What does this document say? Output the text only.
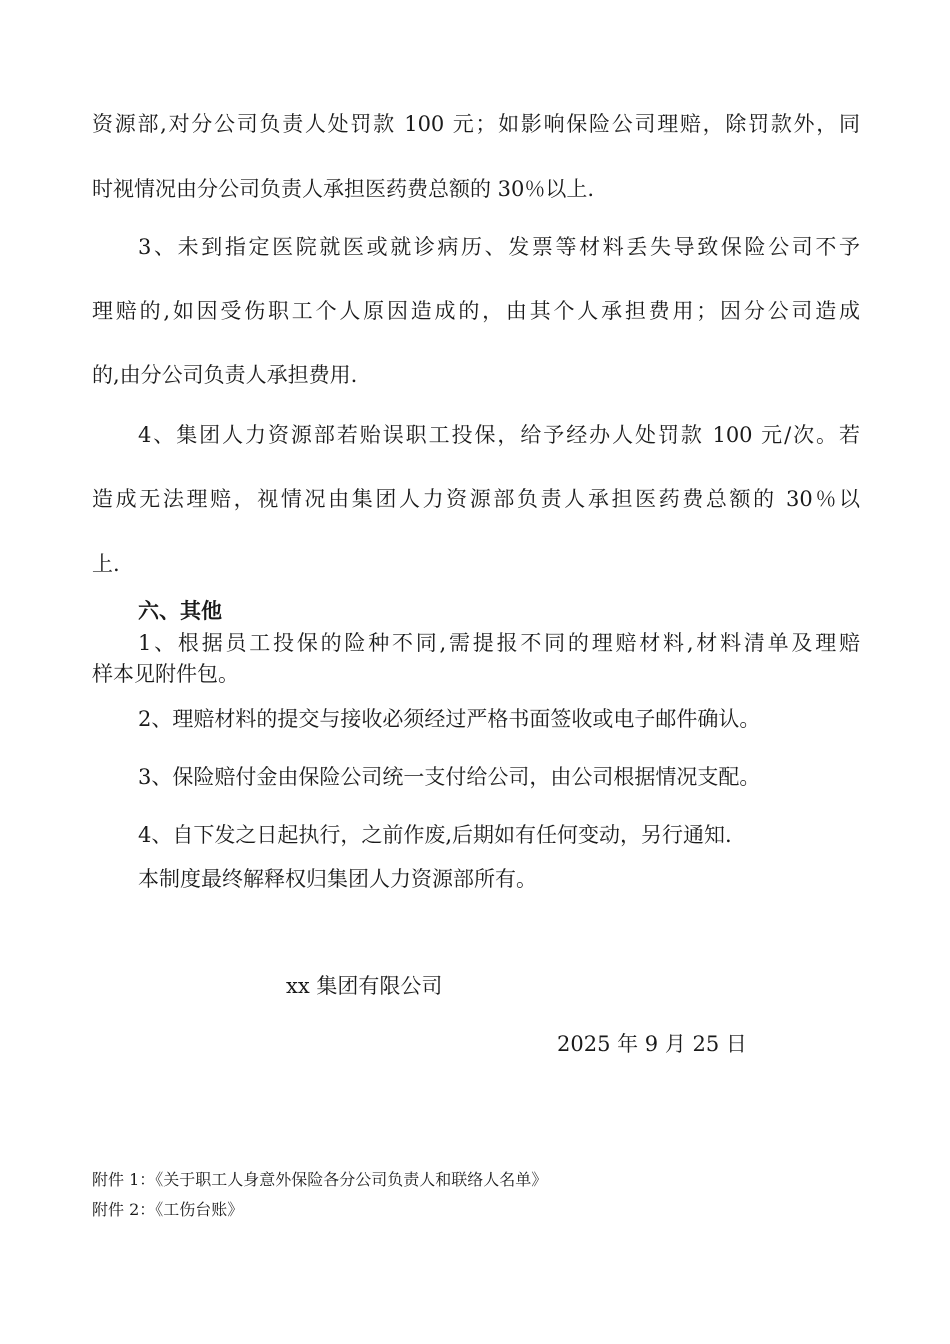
资源部,对分公司负责人处罚款 100 元；如影响保险公司理赔，除罚款外，同
时视情况由分公司负责人承担医药费总额的 30％以上.
3、未到指定医院就医或就诊病历、发票等材料丢失导致保险公司不予
理赔的,如因受伤职工个人原因造成的，由其个人承担费用；因分公司造成
的,由分公司负责人承担费用.
4、集团人力资源部若贻误职工投保，给予经办人处罚款 100 元/次。若
造成无法理赔，视情况由集团人力资源部负责人承担医药费总额的 30％以
上.
六、其他
1、根据员工投保的险种不同,需提报不同的理赔材料,材料清单及理赔
样本见附件包。
2、理赔材料的提交与接收必须经过严格书面签收或电子邮件确认。
3、保险赔付金由保险公司统一支付给公司，由公司根据情况支配。
4、自下发之日起执行，之前作废,后期如有任何变动，另行通知.
本制度最终解释权归集团人力资源部所有。
xx 集团有限公司
2025 年 9 月 25 日
附件 1：《关于职工人身意外保险各分公司负责人和联络人名单》
附件 2：《工伤台账》
